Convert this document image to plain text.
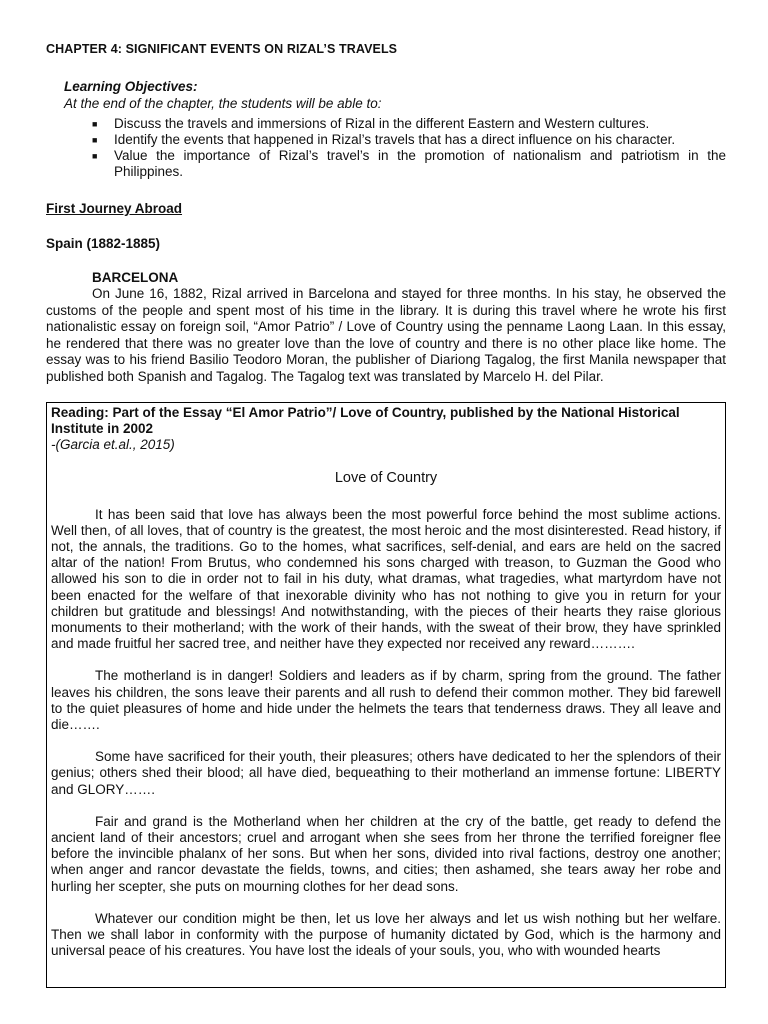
CHAPTER 4: SIGNIFICANT EVENTS ON RIZAL’S TRAVELS

Learning Objectives:

At the end of the chapter, the students will be able to:

■ Discuss the travels and immersions of Rizal in the different Eastern and Western cultures.
■ Identify the events that happened in Rizal’s travels that has a direct influence on his character.
■ Value the importance of Rizal’s travel’s in the promotion of nationalism and patriotism in the Philippines.
First Journey Abroad
Spain (1882-1885)
BARCELONA

On June 16, 1882, Rizal arrived in Barcelona and stayed for three months. In his stay, he observed the customs of the people and spent most of his time in the library. It is during this travel where he wrote his first nationalistic essay on foreign soil, “Amor Patrio” / Love of Country using the penname Laong Laan. In this essay, he rendered that there was no greater love than the love of country and there is no other place like home. The essay was to his friend Basilio Teodoro Moran, the publisher of Diariong Tagalog, the first Manila newspaper that published both Spanish and Tagalog. The Tagalog text was translated by Marcelo H. del Pilar.

Reading: Part of the Essay “El Amor Patrio”/ Love of Country, published by the National Historical Institute in 2002

-(Garcia et.al., 2015)

Love of Country

It has been said that love has always been the most powerful force behind the most sublime actions. Well then, of all loves, that of country is the greatest, the most heroic and the most disinterested. Read history, if not, the annals, the traditions. Go to the homes, what sacrifices, self-denial, and ears are held on the sacred altar of the nation! From Brutus, who condemned his sons charged with treason, to Guzman the Good who allowed his son to die in order not to fail in his duty, what dramas, what tragedies, what martyrdom have not been enacted for the welfare of that inexorable divinity who has not nothing to give you in return for your children but gratitude and blessings! And notwithstanding, with the pieces of their hearts they raise glorious monuments to their motherland; with the work of their hands, with the sweat of their brow, they have sprinkled and made fruitful her sacred tree, and neither have they expected nor received any reward……….

The motherland is in danger! Soldiers and leaders as if by charm, spring from the ground. The father leaves his children, the sons leave their parents and all rush to defend their common mother. They bid farewell to the quiet pleasures of home and hide under the helmets the tears that tenderness draws. They all leave and die…….

Some have sacrificed for their youth, their pleasures; others have dedicated to her the splendors of their genius; others shed their blood; all have died, bequeathing to their motherland an immense fortune: LIBERTY and GLORY…….

Fair and grand is the Motherland when her children at the cry of the battle, get ready to defend the ancient land of their ancestors; cruel and arrogant when she sees from her throne the terrified foreigner flee before the invincible phalanx of her sons. But when her sons, divided into rival factions, destroy one another; when anger and rancor devastate the fields, towns, and cities; then ashamed, she tears away her robe and hurling her scepter, she puts on mourning clothes for her dead sons.

Whatever our condition might be then, let us love her always and let us wish nothing but her welfare. Then we shall labor in conformity with the purpose of humanity dictated by God, which is the harmony and universal peace of his creatures. You have lost the ideals of your souls, you, who with wounded hearts
